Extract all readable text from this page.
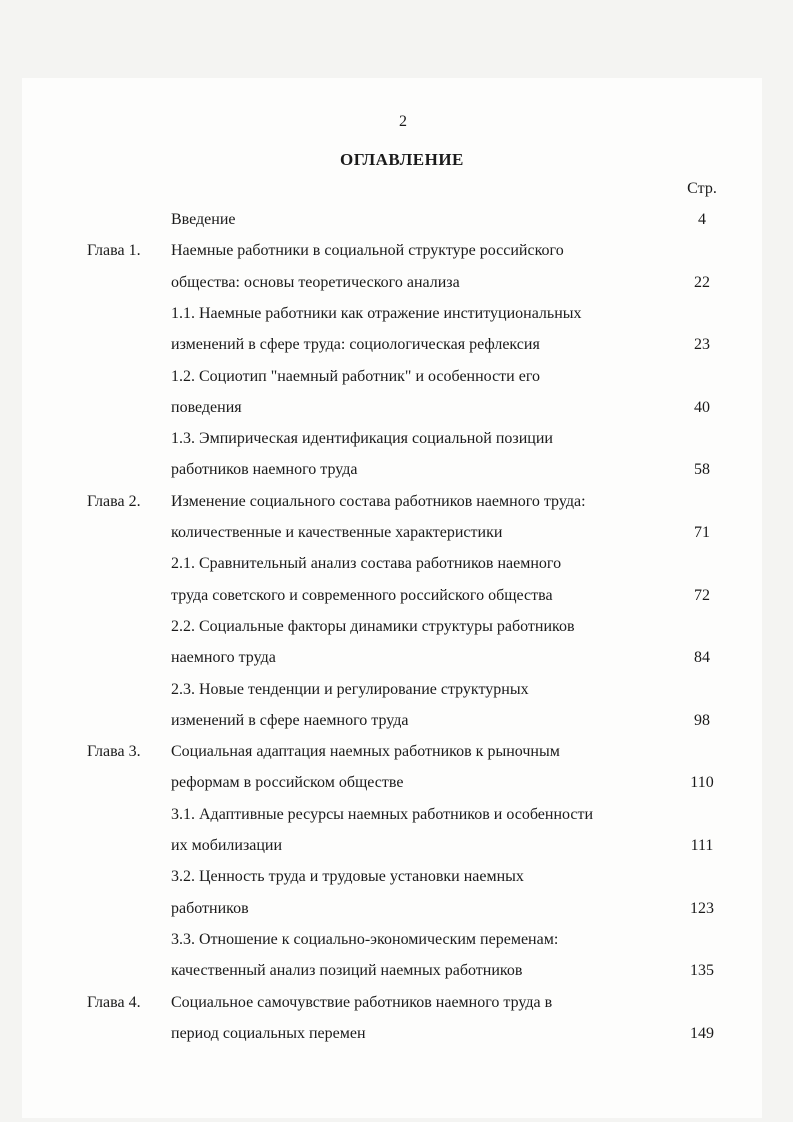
2
ОГЛАВЛЕНИЕ
Стр.
Введение	4
Глава 1. Наемные работники в социальной структуре российского
общества: основы теоретического анализа	22
1.1. Наемные работники как отражение институциональных
изменений в сфере труда: социологическая рефлексия	23
1.2. Социотип "наемный работник" и особенности его
поведения	40
1.3. Эмпирическая идентификация социальной позиции
работников наемного труда	58
Глава 2. Изменение социального состава работников наемного труда:
количественные и качественные характеристики	71
2.1. Сравнительный анализ состава работников наемного
труда советского и современного российского общества	72
2.2. Социальные факторы динамики структуры работников
наемного труда	84
2.3. Новые тенденции и регулирование структурных
изменений в сфере наемного труда	98
Глава 3. Социальная адаптация наемных работников к рыночным
реформам в российском обществе	110
3.1. Адаптивные ресурсы наемных работников и особенности
их мобилизации	111
3.2. Ценность труда и трудовые установки наемных
работников	123
3.3. Отношение к социально-экономическим переменам:
качественный анализ позиций наемных работников	135
Глава 4. Социальное самочувствие работников наемного труда в
период социальных перемен	149
